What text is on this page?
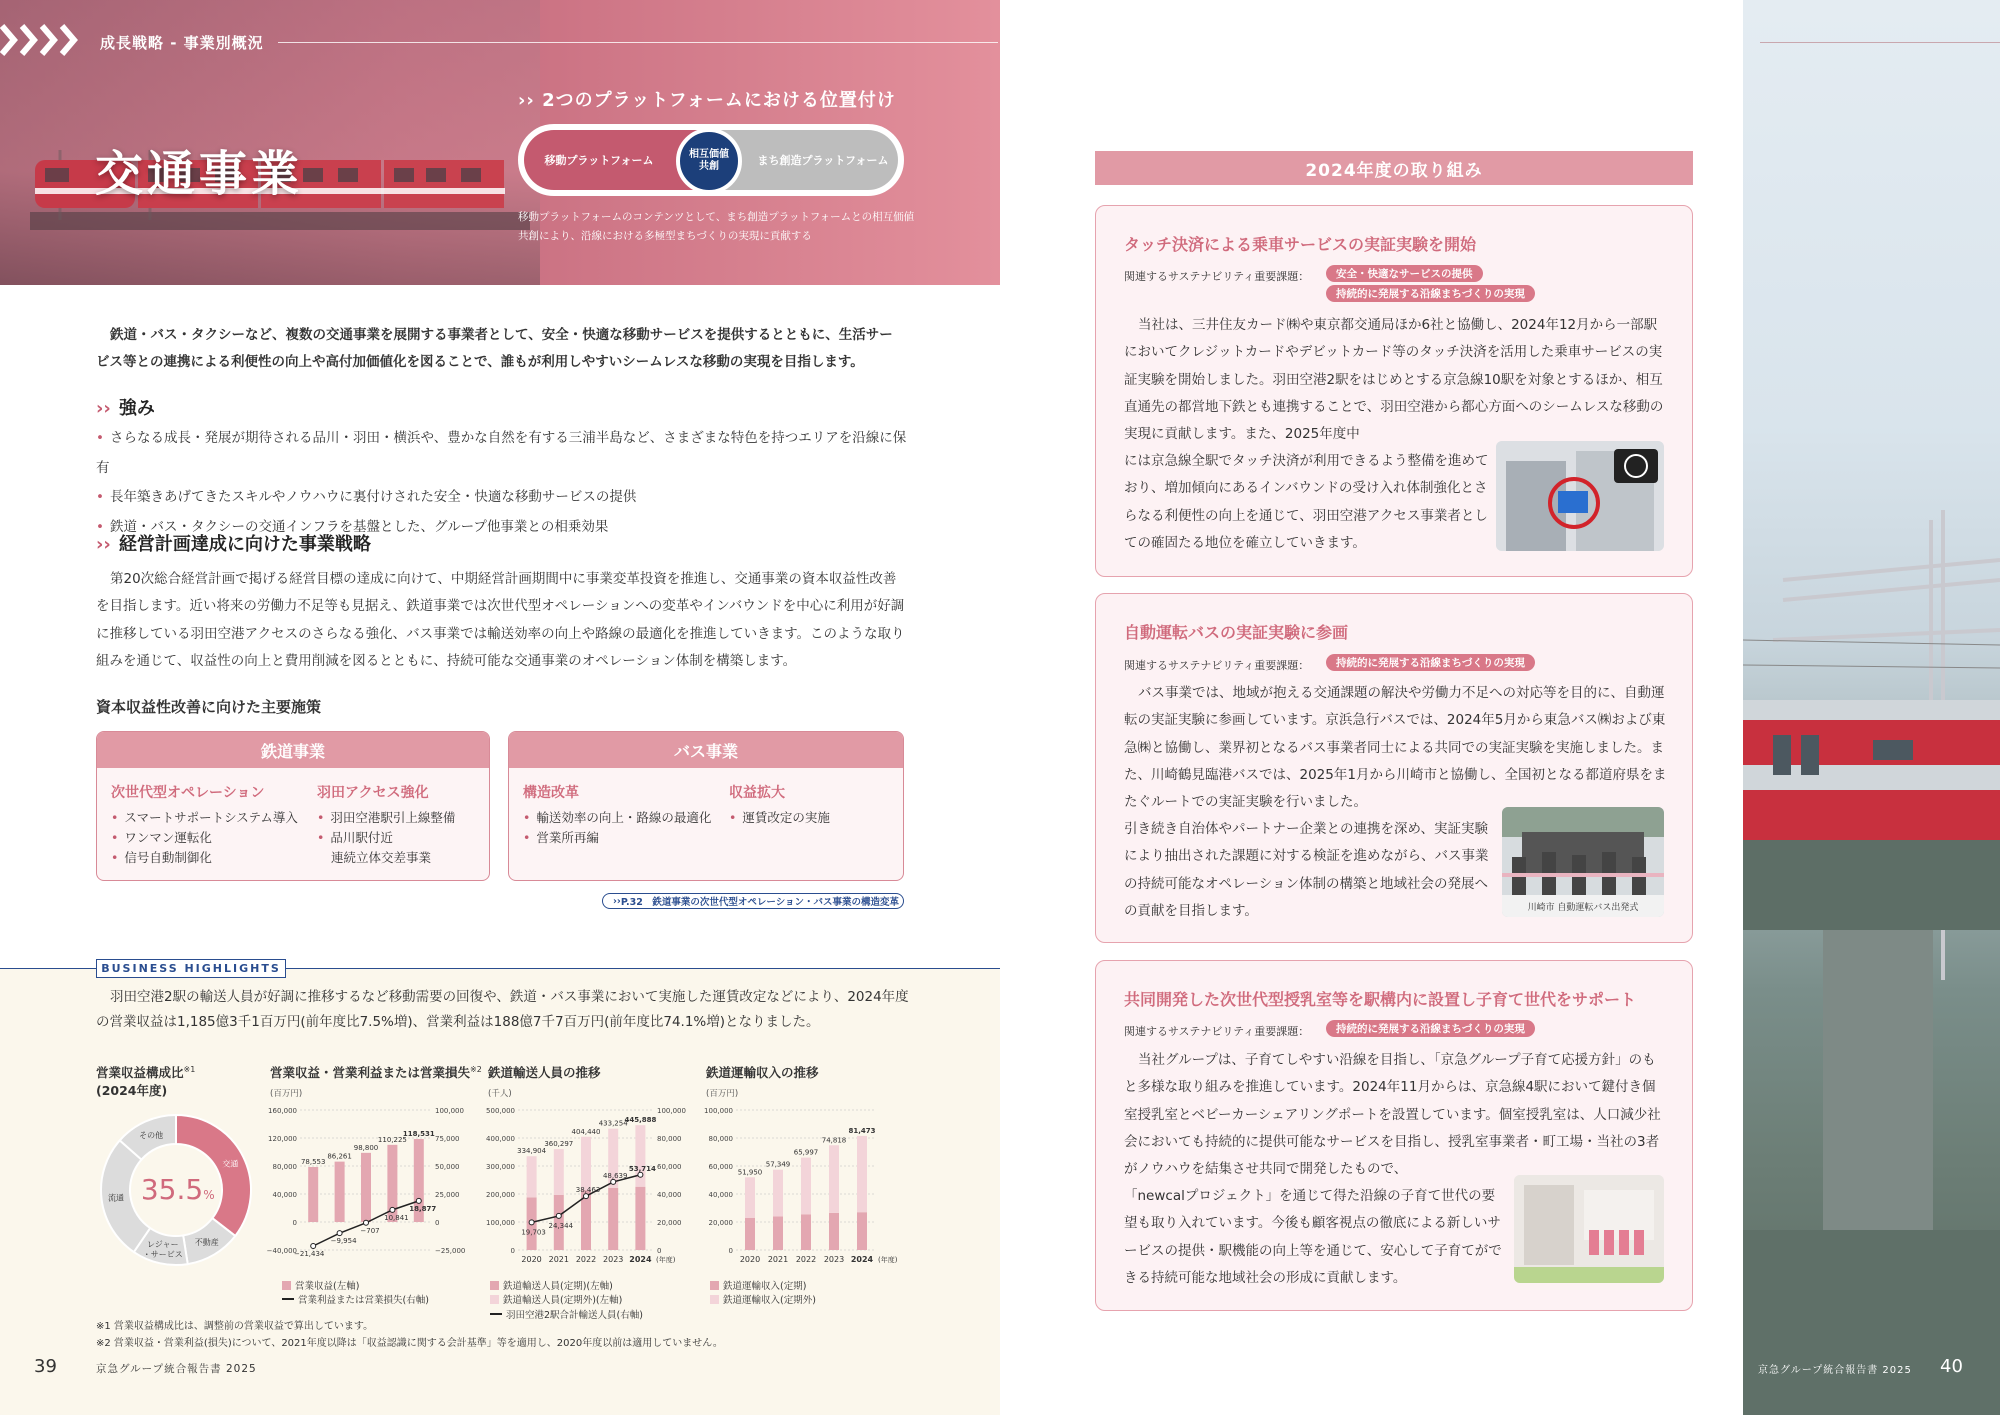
成長戦略 - 事業別概況
交通事業
›› 2つのプラットフォームにおける位置付け
移動プラットフォーム	まち創造プラットフォーム
相互価値共創
移動プラットフォームのコンテンツとして、まち創造プラットフォームとの相互価値共創により、沿線における多極型まちづくりの実現に貢献する
鉄道・バス・タクシーなど、複数の交通事業を展開する事業者として、安全・快適な移動サービスを提供するとともに、生活サービス等との連携による利便性の向上や高付加価値化を図ることで、誰もが利用しやすいシームレスな移動の実現を目指します。
›› 強み
• さらなる成長・発展が期待される品川・羽田・横浜や、豊かな自然を有する三浦半島など、さまざまな特色を持つエリアを沿線に保有
• 長年築きあげてきたスキルやノウハウに裏付けされた安全・快適な移動サービスの提供
• 鉄道・バス・タクシーの交通インフラを基盤とした、グループ他事業との相乗効果
›› 経営計画達成に向けた事業戦略
第20次総合経営計画で掲げる経営目標の達成に向けて、中期経営計画期間中に事業変革投資を推進し、交通事業の資本収益性改善を目指します。近い将来の労働力不足等も見据え、鉄道事業では次世代型オペレーションへの変革やインバウンドを中心に利用が好調に推移している羽田空港アクセスのさらなる強化、バス事業では輸送効率の向上や路線の最適化を推進していきます。このような取り組みを通じて、収益性の向上と費用削減を図るとともに、持続可能な交通事業のオペレーション体制を構築します。
資本収益性改善に向けた主要施策
鉄道事業
次世代型オペレーション
• スマートサポートシステム導入
• ワンマン運転化
• 信号自動制御化
羽田アクセス強化
• 羽田空港駅引上線整備
• 品川駅付近
連続立体交差事業
バス事業
構造改革
• 輸送効率の向上・路線の最適化
• 営業所再編
収益拡大
• 運賃改定の実施
›› P.32　鉄道事業の次世代型オペレーション・バス事業の構造変革
BUSINESS HIGHLIGHTS
羽田空港2駅の輸送人員が好調に推移するなど移動需要の回復や、鉄道・バス事業において実施した運賃改定などにより、2024年度の営業収益は1,185億3千1百万円(前年度比7.5%増)、営業利益は188億7千7百万円(前年度比74.1%増)となりました。
営業収益構成比$^{※1}$
(2024年度)
交通
不動産
レジャー
・サービス
流通
その他
35.5 %
営業収益・営業利益または営業損失$^{※2}$
(百万円)
160,000
120,000
80,000
40,000
0
−40,000
100,000
75,000
50,000
25,000
0
−25,000
78,553
86,261
98,800
110,225
118,531
−21,434
−9,954
−707
10,841
18,877
営業収益(左軸)
営業利益または営業損失(右軸)
鉄道輸送人員の推移
(千人)
500,000
400,000
300,000
200,000
100,000
0
100,000
80,000
60,000
40,000
20,000
0
2020 2021 2022 2023 2024 (年度)
334,904
360,297
404,440
433,254
445,888
19,703
24,344
38,463
48,639
53,714
鉄道輸送人員(定期)(左軸)
鉄道輸送人員(定期外)(左軸)
羽田空港2駅合計輸送人員(右軸)
鉄道運輸収入の推移
(百万円)
100,000
80,000
60,000
40,000
20,000
0
2020 2021 2022 2023 2024 (年度)
51,950
57,349
65,997
74,818
81,473
鉄道運輸収入(定期)
鉄道運輸収入(定期外)
※1 営業収益構成比は、調整前の営業収益で算出しています。
※2 営業収益・営業利益(損失)について、2021年度以降は「収益認識に関する会計基準」等を適用し、2020年度以前は適用していません。
39	京急グループ統合報告書 2025
2024年度の取り組み
タッチ決済による乗車サービスの実証実験を開始
関連するサステナビリティ重要課題：	安全・快適なサービスの提供
持続的に発展する沿線まちづくりの実現
当社は、三井住友カード㈱や東京都交通局ほか6社と協働し、2024年12月から一部駅においてクレジットカードやデビットカード等のタッチ決済を活用した乗車サービスの実証実験を開始しました。羽田空港2駅をはじめとする京急線10駅を対象とするほか、相互直通先の都営地下鉄とも連携することで、羽田空港から都心方面へのシームレスな移動の実現に貢献します。また、2025年度中
には京急線全駅でタッチ決済が利用できるよう整備を進めており、増加傾向にあるインバウンドの受け入れ体制強化とさらなる利便性の向上を通じて、羽田空港アクセス事業者としての確固たる地位を確立していきます。
自動運転バスの実証実験に参画
関連するサステナビリティ重要課題：	持続的に発展する沿線まちづくりの実現
バス事業では、地域が抱える交通課題の解決や労働力不足への対応等を目的に、自動運転の実証実験に参画しています。京浜急行バスでは、2024年5月から東急バス㈱および東急㈱と協働し、業界初となるバス事業者同士による共同での実証実験を実施しました。また、川崎鶴見臨港バスでは、2025年1月から川崎市と協働し、全国初となる都道府県をまたぐルートでの実証実験を行いました。
引き続き自治体やパートナー企業との連携を深め、実証実験により抽出された課題に対する検証を進めながら、バス事業の持続可能なオペレーション体制の構築と地域社会の発展への貢献を目指します。	川崎市 自動運転バス出発式
共同開発した次世代型授乳室等を駅構内に設置し子育て世代をサポート
関連するサステナビリティ重要課題：	持続的に発展する沿線まちづくりの実現
当社グループは、子育てしやすい沿線を目指し、「京急グループ子育て応援方針」のもと多様な取り組みを推進しています。2024年11月からは、京急線4駅において鍵付き個室授乳室とベビーカーシェアリングポートを設置しています。個室授乳室は、人口減少社会においても持続的に提供可能なサービスを目指し、授乳室事業者・町工場・当社の3者がノウハウを結集させ共同で開発したもので、
「newcalプロジェクト」を通じて得た沿線の子育て世代の要望も取り入れています。今後も顧客視点の徹底による新しいサービスの提供・駅機能の向上等を通じて、安心して子育てができる持続可能な地域社会の形成に貢献します。
京急グループ統合報告書 2025 40
